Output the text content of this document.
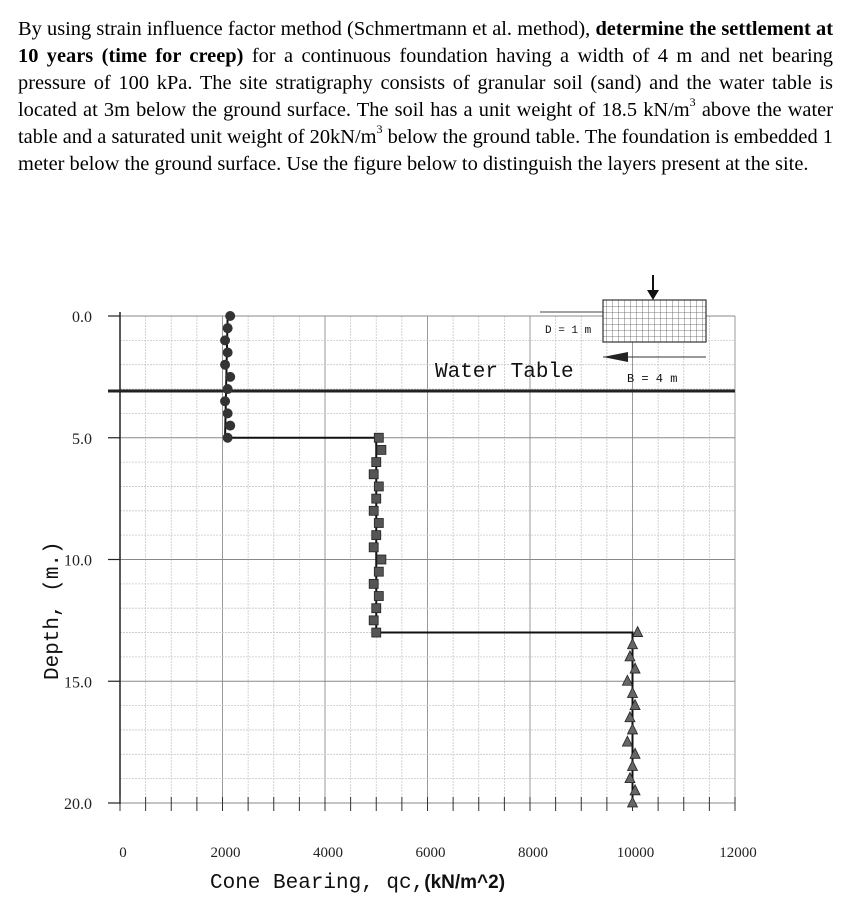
By using strain influence factor method (Schmertmann et al. method), determine the settlement at 10 years (time for creep) for a continuous foundation having a width of 4 m and net bearing pressure of 100 kPa. The site stratigraphy consists of granular soil (sand) and the water table is located at 3m below the ground surface. The soil has a unit weight of 18.5 $kN/m^3$ above the water table and a saturated unit weight of $20kN/m^3$ below the ground table. The foundation is embedded 1 meter below the ground surface. Use the figure below to distinguish the layers present at the site.

0.0
5.0
10.0
15.0
20.0
0	2000	4000	6000	8000	10000	12000
D = 1 m
B = 4 m
Water Table
Depth, (m.)
Cone Bearing, qc,(kN/m^2)
